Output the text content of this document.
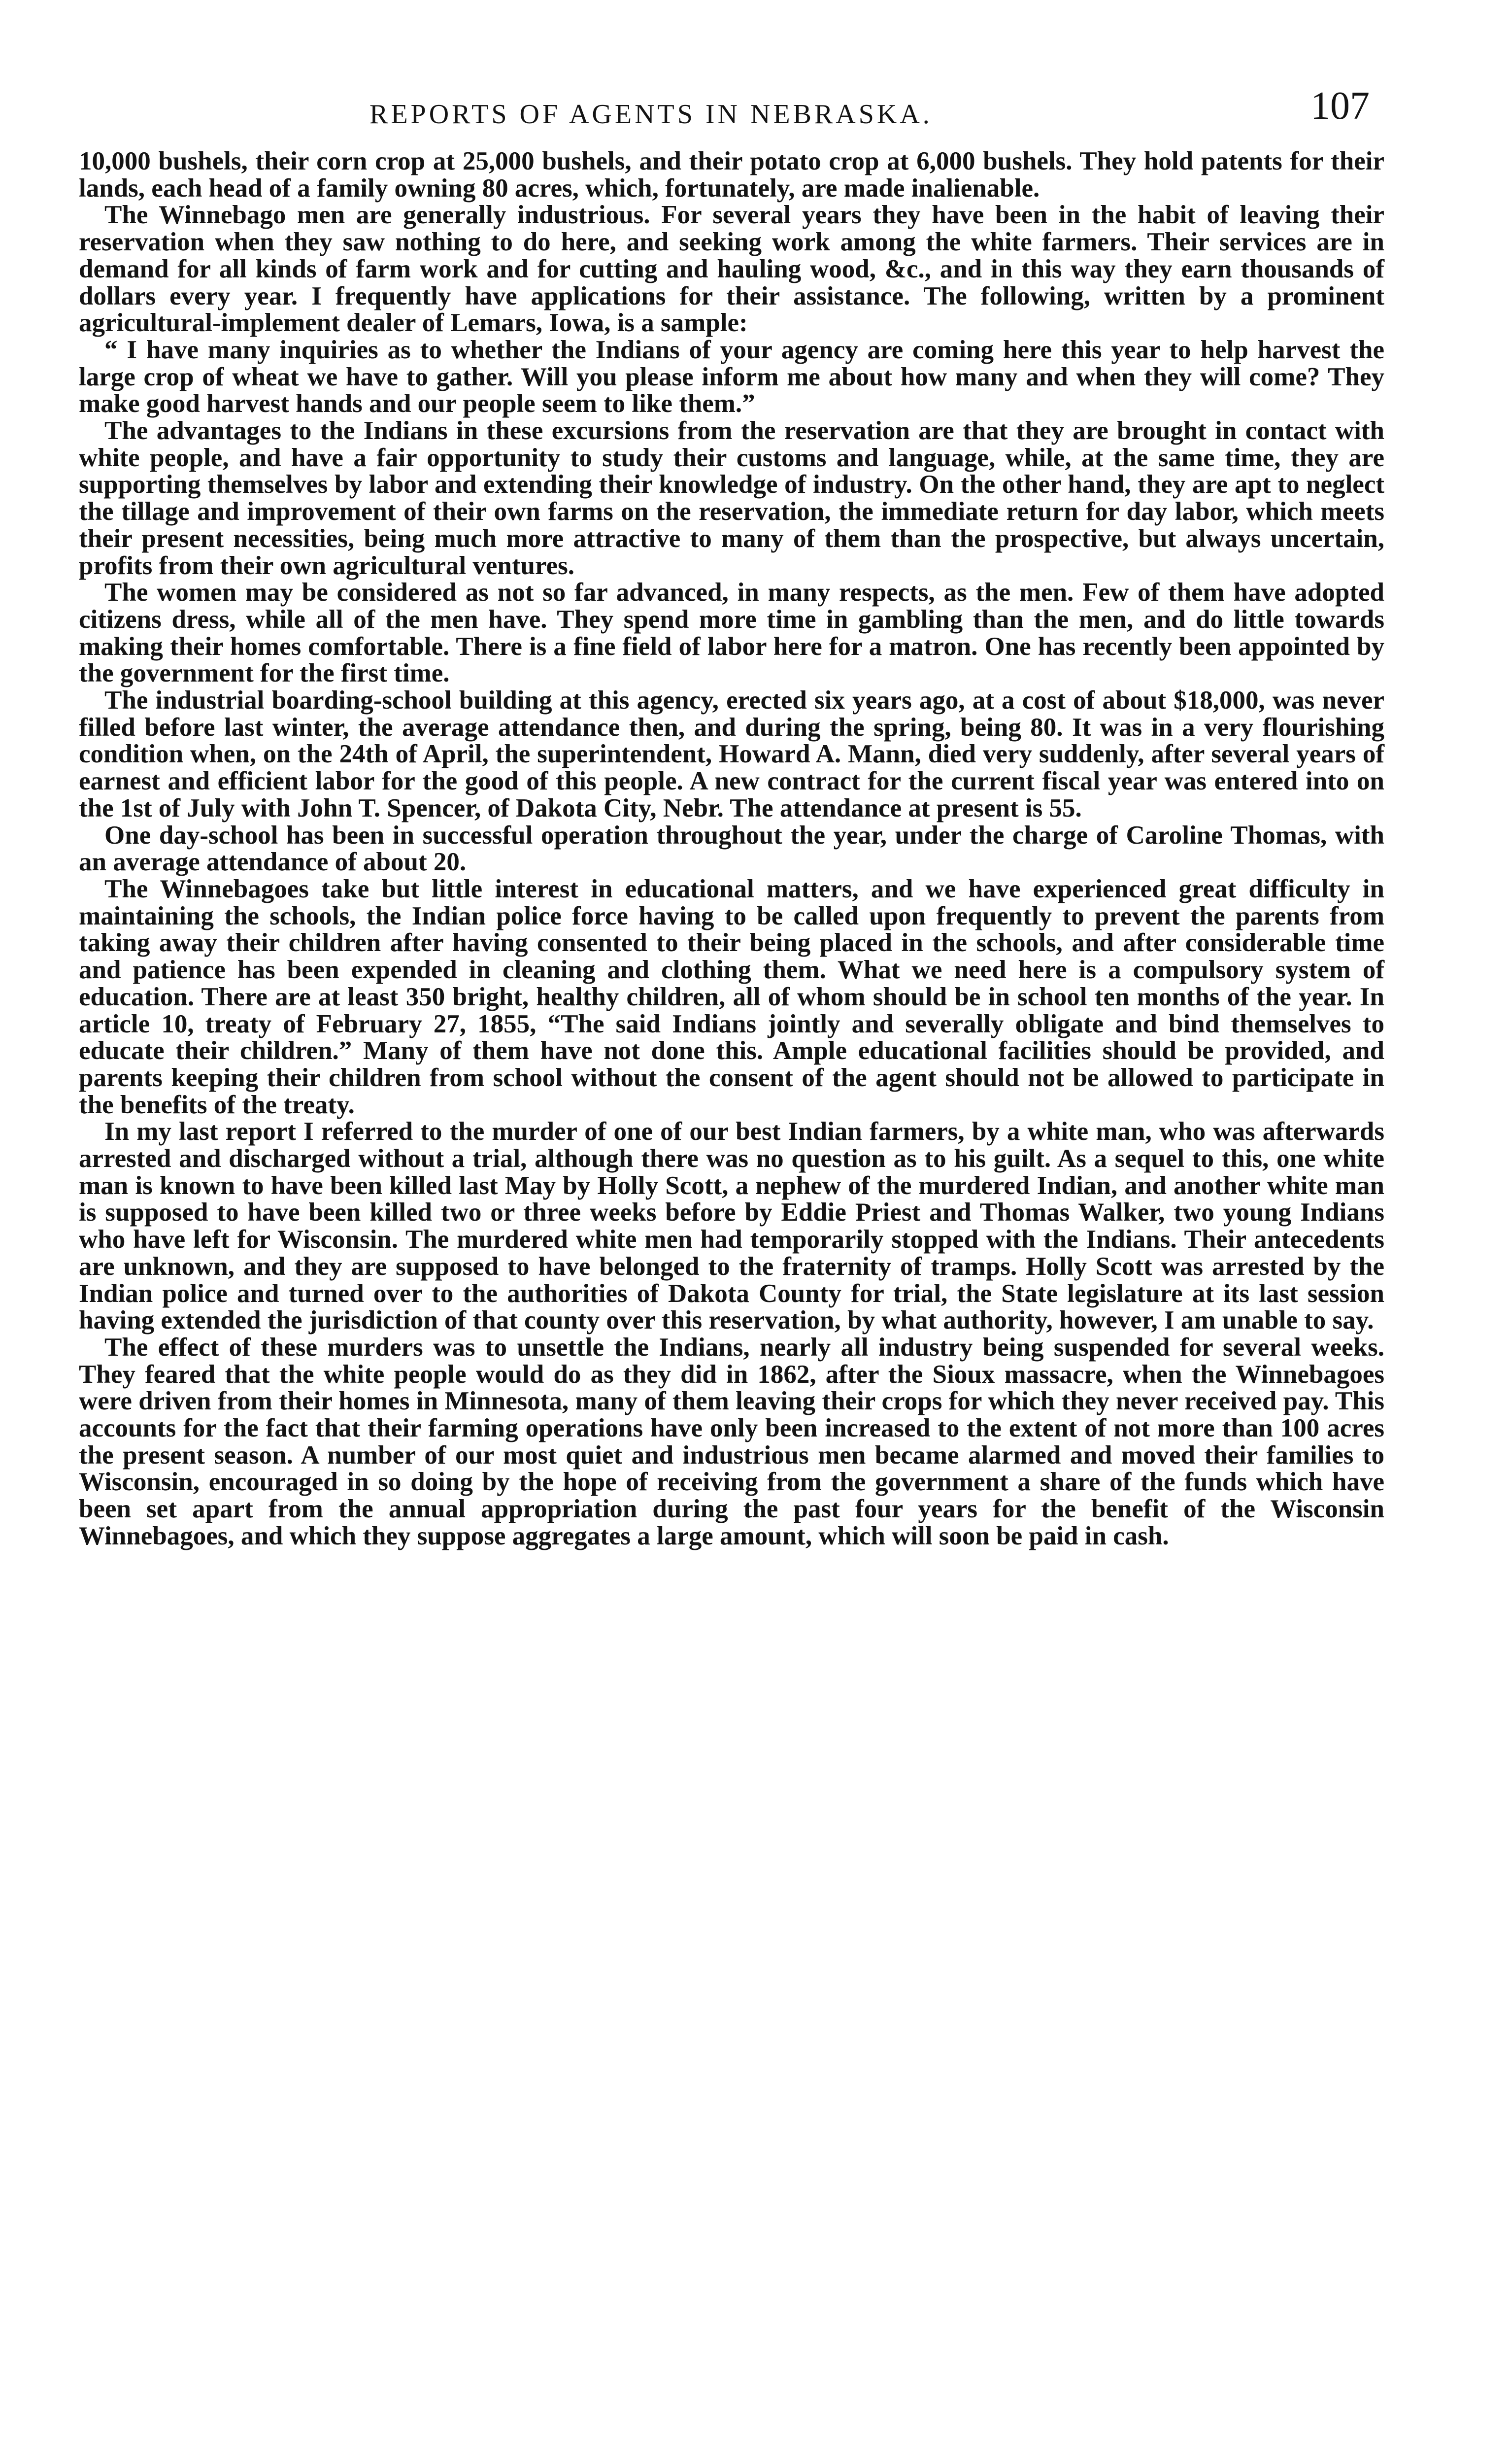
REPORTS OF AGENTS IN NEBRASKA.	107

10,000 bushels, their corn crop at 25,000 bushels, and their potato crop at 6,000 bushels. They hold patents for their lands, each head of a family owning 80 acres, which, fortunately, are made inalienable.

The Winnebago men are generally industrious. For several years they have been in the habit of leaving their reservation when they saw nothing to do here, and seeking work among the white farmers. Their services are in demand for all kinds of farm work and for cutting and hauling wood, &c., and in this way they earn thousands of dollars every year. I frequently have applications for their assistance. The following, written by a prominent agricultural-implement dealer of Lemars, Iowa, is a sample:

“ I have many inquiries as to whether the Indians of your agency are coming here this year to help harvest the large crop of wheat we have to gather. Will you please inform me about how many and when they will come? They make good harvest hands and our people seem to like them.”

The advantages to the Indians in these excursions from the reservation are that they are brought in contact with white people, and have a fair opportunity to study their customs and language, while, at the same time, they are supporting themselves by labor and extending their knowledge of industry. On the other hand, they are apt to neglect the tillage and improvement of their own farms on the reservation, the immediate return for day labor, which meets their present necessities, being much more attractive to many of them than the prospective, but always uncertain, profits from their own agricultural ventures.

The women may be considered as not so far advanced, in many respects, as the men. Few of them have adopted citizens dress, while all of the men have. They spend more time in gambling than the men, and do little towards making their homes comfortable. There is a fine field of labor here for a matron. One has recently been appointed by the government for the first time.

The industrial boarding-school building at this agency, erected six years ago, at a cost of about $18,000, was never filled before last winter, the average attendance then, and during the spring, being 80. It was in a very flourishing condition when, on the 24th of April, the superintendent, Howard A. Mann, died very suddenly, after several years of earnest and efficient labor for the good of this people. A new contract for the current fiscal year was entered into on the 1st of July with John T. Spencer, of Dakota City, Nebr. The attendance at present is 55.

One day-school has been in successful operation throughout the year, under the charge of Caroline Thomas, with an average attendance of about 20.

The Winnebagoes take but little interest in educational matters, and we have experienced great difficulty in maintaining the schools, the Indian police force having to be called upon frequently to prevent the parents from taking away their children after having consented to their being placed in the schools, and after considerable time and patience has been expended in cleaning and clothing them. What we need here is a compulsory system of education. There are at least 350 bright, healthy children, all of whom should be in school ten months of the year. In article 10, treaty of February 27, 1855, “The said Indians jointly and severally obligate and bind themselves to educate their children.” Many of them have not done this. Ample educational facilities should be provided, and parents keeping their children from school without the consent of the agent should not be allowed to participate in the benefits of the treaty.

In my last report I referred to the murder of one of our best Indian farmers, by a white man, who was afterwards arrested and discharged without a trial, although there was no question as to his guilt. As a sequel to this, one white man is known to have been killed last May by Holly Scott, a nephew of the murdered Indian, and another white man is supposed to have been killed two or three weeks before by Eddie Priest and Thomas Walker, two young Indians who have left for Wisconsin. The murdered white men had temporarily stopped with the Indians. Their antecedents are unknown, and they are supposed to have belonged to the fraternity of tramps. Holly Scott was arrested by the Indian police and turned over to the authorities of Dakota County for trial, the State legislature at its last session having extended the jurisdiction of that county over this reservation, by what authority, however, I am unable to say.

The effect of these murders was to unsettle the Indians, nearly all industry being suspended for several weeks. They feared that the white people would do as they did in 1862, after the Sioux massacre, when the Winnebagoes were driven from their homes in Minnesota, many of them leaving their crops for which they never received pay. This accounts for the fact that their farming operations have only been increased to the extent of not more than 100 acres the present season. A number of our most quiet and industrious men became alarmed and moved their families to Wisconsin, encouraged in so doing by the hope of receiving from the government a share of the funds which have been set apart from the annual appropriation during the past four years for the benefit of the Wisconsin Winnebagoes, and which they suppose aggregates a large amount, which will soon be paid in cash.
